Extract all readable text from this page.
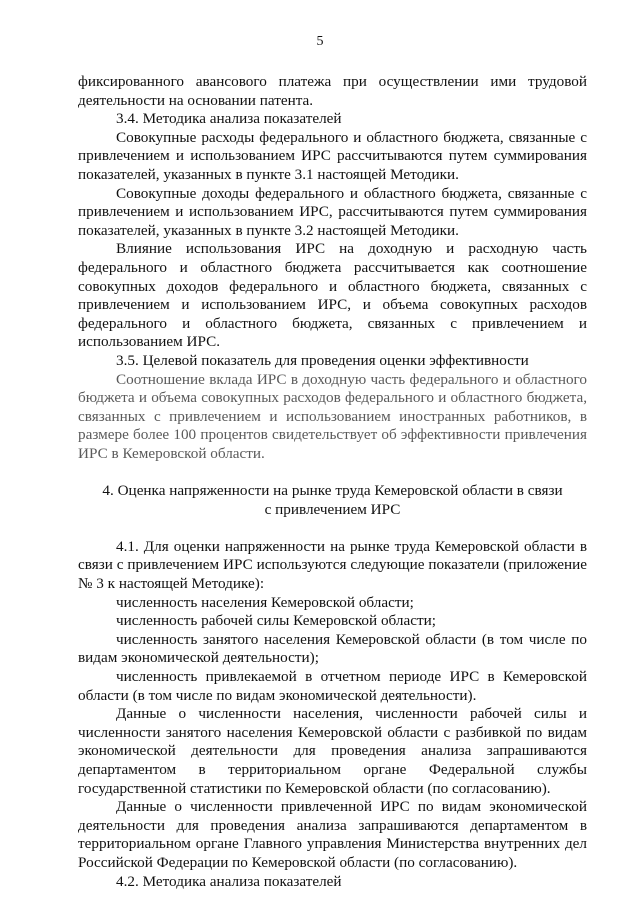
5

фиксированного авансового платежа при осуществлении ими трудовой деятельности на основании патента.

3.4. Методика анализа показателей

Совокупные расходы федерального и областного бюджета, связанные с привлечением и использованием ИРС рассчитываются путем суммирования показателей, указанных в пункте 3.1 настоящей Методики.

Совокупные доходы федерального и областного бюджета, связанные с привлечением и использованием ИРС, рассчитываются путем суммирования показателей, указанных в пункте 3.2 настоящей Методики.

Влияние использования ИРС на доходную и расходную часть федерального и областного бюджета рассчитывается как соотношение совокупных доходов федерального и областного бюджета, связанных с привлечением и использованием ИРС, и объема совокупных расходов федерального и областного бюджета, связанных с привлечением и использованием ИРС.

3.5. Целевой показатель для проведения оценки эффективности

Соотношение вклада ИРС в доходную часть федерального и областного бюджета и объема совокупных расходов федерального и областного бюджета, связанных с привлечением и использованием иностранных работников, в размере более 100 процентов свидетельствует об эффективности привлечения ИРС в Кемеровской области.

4. Оценка напряженности на рынке труда Кемеровской области в связи с привлечением ИРС

4.1. Для оценки напряженности на рынке труда Кемеровской области в связи с привлечением ИРС используются следующие показатели (приложение № 3 к настоящей Методике):

численность населения Кемеровской области;

численность рабочей силы Кемеровской области;

численность занятого населения Кемеровской области (в том числе по видам экономической деятельности);

численность привлекаемой в отчетном периоде ИРС в Кемеровской области (в том числе по видам экономической деятельности).

Данные о численности населения, численности рабочей силы и численности занятого населения Кемеровской области с разбивкой по видам экономической деятельности для проведения анализа запрашиваются департаментом в территориальном органе Федеральной службы государственной статистики по Кемеровской области (по согласованию).

Данные о численности привлеченной ИРС по видам экономической деятельности для проведения анализа запрашиваются департаментом в территориальном органе Главного управления Министерства внутренних дел Российской Федерации по Кемеровской области (по согласованию).

4.2. Методика анализа показателей
